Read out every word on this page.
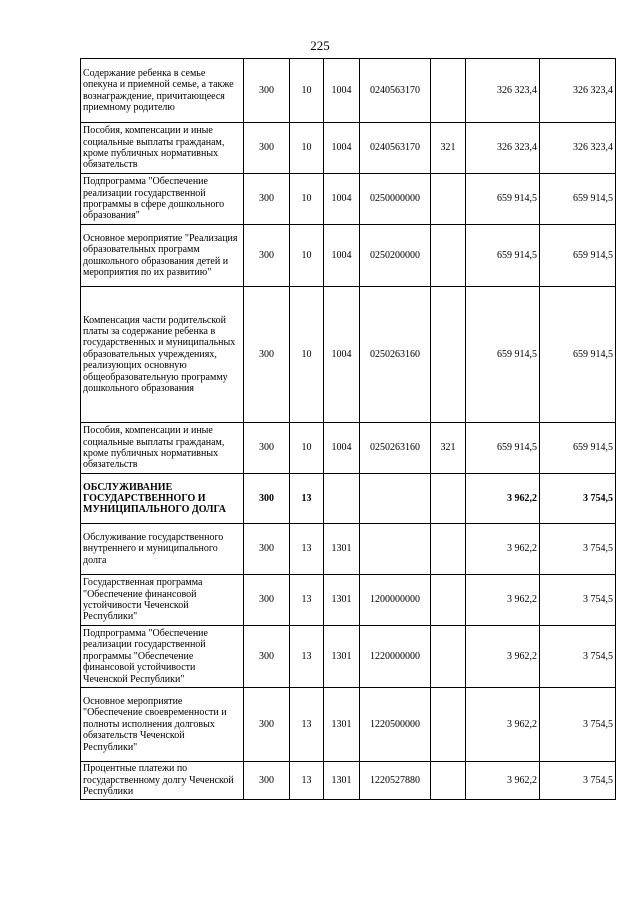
225
Содержание ребенка в семье опекуна и приемной семье, а также вознаграждение, причитающееся приемному родителю	300	10	1004	0240563170		326 323,4	326 323,4
Пособия, компенсации и иные социальные выплаты гражданам, кроме публичных нормативных обязательств	300	10	1004	0240563170	321	326 323,4	326 323,4
Подпрограмма "Обеспечение реализации государственной программы в сфере дошкольного образования"	300	10	1004	0250000000		659 914,5	659 914,5
Основное мероприятие "Реализация образовательных программ дошкольного образования детей и мероприятия по их развитию"	300	10	1004	0250200000		659 914,5	659 914,5
Компенсация части родительской платы за содержание ребенка в государственных и муниципальных образовательных учреждениях, реализующих основную общеобразовательную программу дошкольного образования	300	10	1004	0250263160		659 914,5	659 914,5
Пособия, компенсации и иные социальные выплаты гражданам, кроме публичных нормативных обязательств	300	10	1004	0250263160	321	659 914,5	659 914,5
ОБСЛУЖИВАНИЕ ГОСУДАРСТВЕННОГО И МУНИЦИПАЛЬНОГО ДОЛГА	300	13				3 962,2	3 754,5
Обслуживание государственного внутреннего и муниципального долга	300	13	1301			3 962,2	3 754,5
Государственная программа "Обеспечение финансовой устойчивости Чеченской Республики"	300	13	1301	1200000000		3 962,2	3 754,5
Подпрограмма "Обеспечение реализации государственной программы "Обеспечение финансовой устойчивости Чеченской Республики"	300	13	1301	1220000000		3 962,2	3 754,5
Основное мероприятие "Обеспечение своевременности и полноты исполнения долговых обязательств Чеченской Республики"	300	13	1301	1220500000		3 962,2	3 754,5
Процентные платежи по государственному долгу Чеченской Республики	300	13	1301	1220527880		3 962,2	3 754,5
